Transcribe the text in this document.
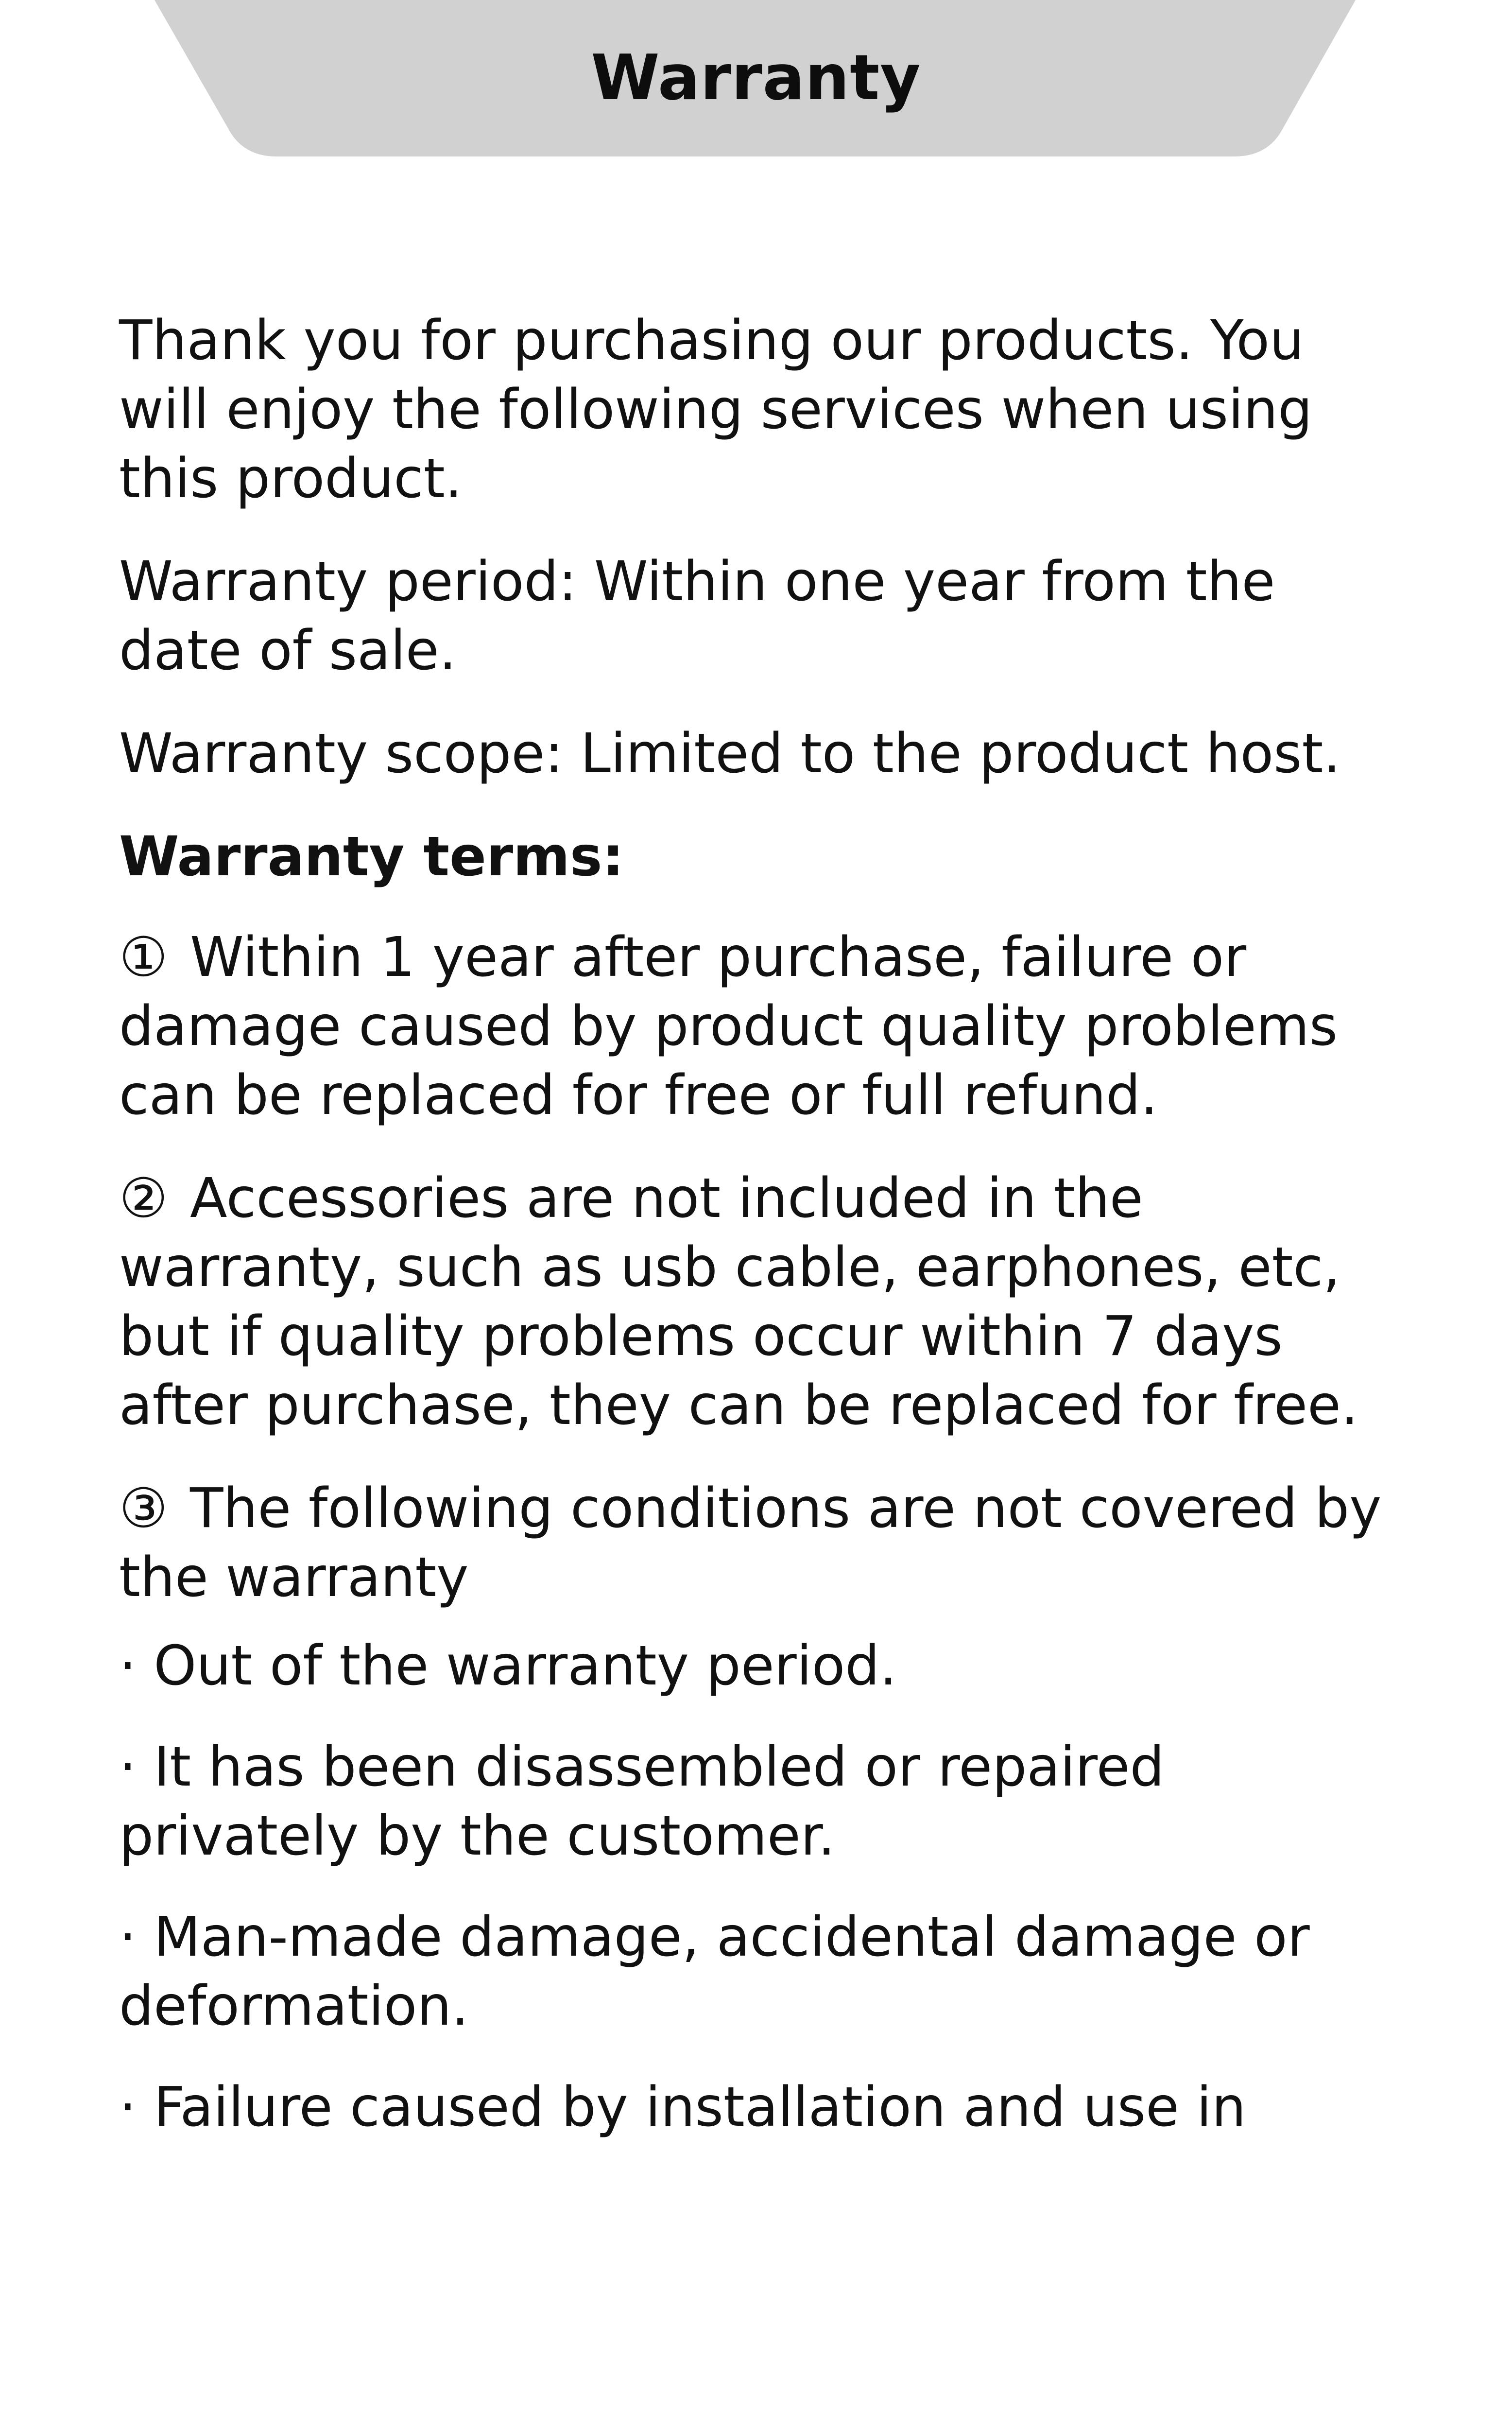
Warranty

Thank you for purchasing our products. You will enjoy the following services when using this product.

Warranty period: Within one year from the date of sale.

Warranty scope: Limited to the product host.

Warranty terms:

① Within 1 year after purchase, failure or damage caused by product quality problems can be replaced for free or full refund.

② Accessories are not included in the warranty, such as usb cable, earphones, etc, but if quality problems occur within 7 days after purchase, they can be replaced for free.

③ The following conditions are not covered by the warranty

· Out of the warranty period.

· It has been disassembled or repaired privately by the customer.

· Man-made damage, accidental damage or deformation.

· Failure caused by installation and use in
